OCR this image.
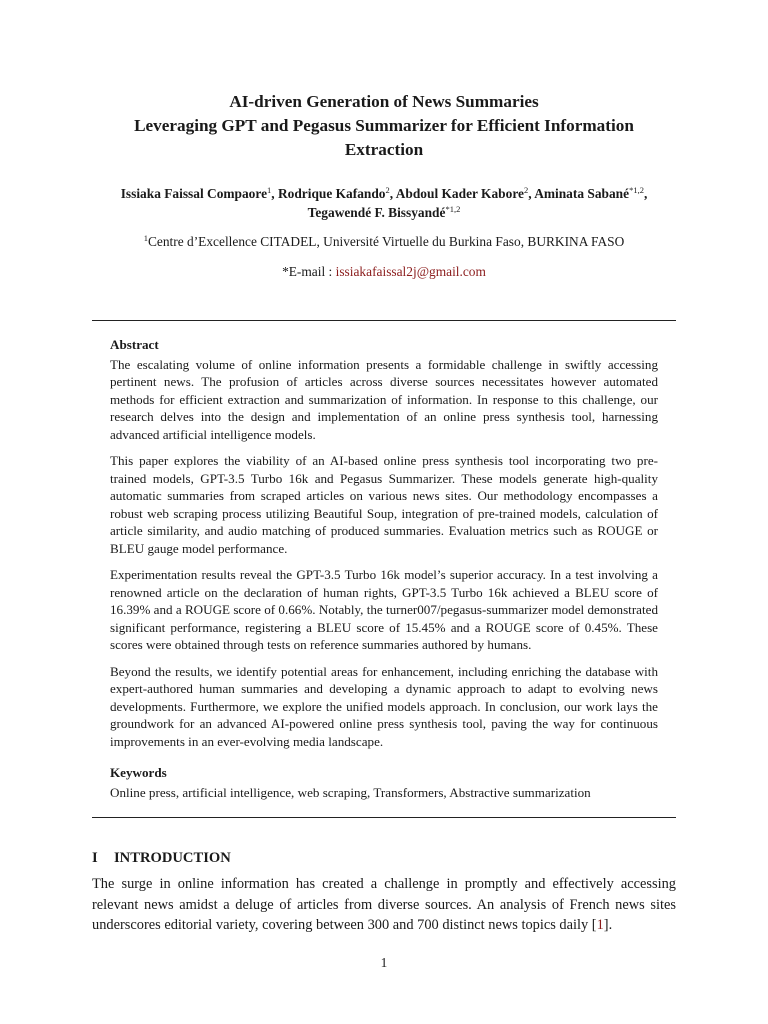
AI-driven Generation of News Summaries
Leveraging GPT and Pegasus Summarizer for Efficient Information
Extraction
Issiaka Faissal Compaore$^1$, Rodrique Kafando$^2$, Abdoul Kader Kabore$^2$, Aminata Sabané$^{*1,2}$,
Tegawendé F. Bissyandé$^{*1,2}$
$^1$Centre d’Excellence CITADEL, Université Virtuelle du Burkina Faso, BURKINA FASO
*E-mail : issiakafaissal2j@gmail.com
Abstract

The escalating volume of online information presents a formidable challenge in swiftly accessing pertinent news. The profusion of articles across diverse sources necessitates however automated methods for efficient extraction and summarization of information. In response to this challenge, our research delves into the design and implementation of an online press synthesis tool, harnessing advanced artificial intelligence models.

This paper explores the viability of an AI-based online press synthesis tool incorporating two pre-trained models, GPT-3.5 Turbo 16k and Pegasus Summarizer. These models generate high-quality automatic summaries from scraped articles on various news sites. Our methodology encompasses a robust web scraping process utilizing Beautiful Soup, integration of pre-trained models, calculation of article similarity, and audio matching of produced summaries. Evaluation metrics such as ROUGE or BLEU gauge model performance.

Experimentation results reveal the GPT-3.5 Turbo 16k model’s superior accuracy. In a test involving a renowned article on the declaration of human rights, GPT-3.5 Turbo 16k achieved a BLEU score of 16.39% and a ROUGE score of 0.66%. Notably, the turner007/pegasus-summarizer model demonstrated significant performance, registering a BLEU score of 15.45% and a ROUGE score of 0.45%. These scores were obtained through tests on reference summaries authored by humans.

Beyond the results, we identify potential areas for enhancement, including enriching the database with expert-authored human summaries and developing a dynamic approach to adapt to evolving news developments. Furthermore, we explore the unified models approach. In conclusion, our work lays the groundwork for an advanced AI-powered online press synthesis tool, paving the way for continuous improvements in an ever-evolving media landscape.

Keywords
Online press, artificial intelligence, web scraping, Transformers, Abstractive summarization
I INTRODUCTION

The surge in online information has created a challenge in promptly and effectively accessing relevant news amidst a deluge of articles from diverse sources. An analysis of French news sites underscores editorial variety, covering between 300 and 700 distinct news topics daily [1].

1
